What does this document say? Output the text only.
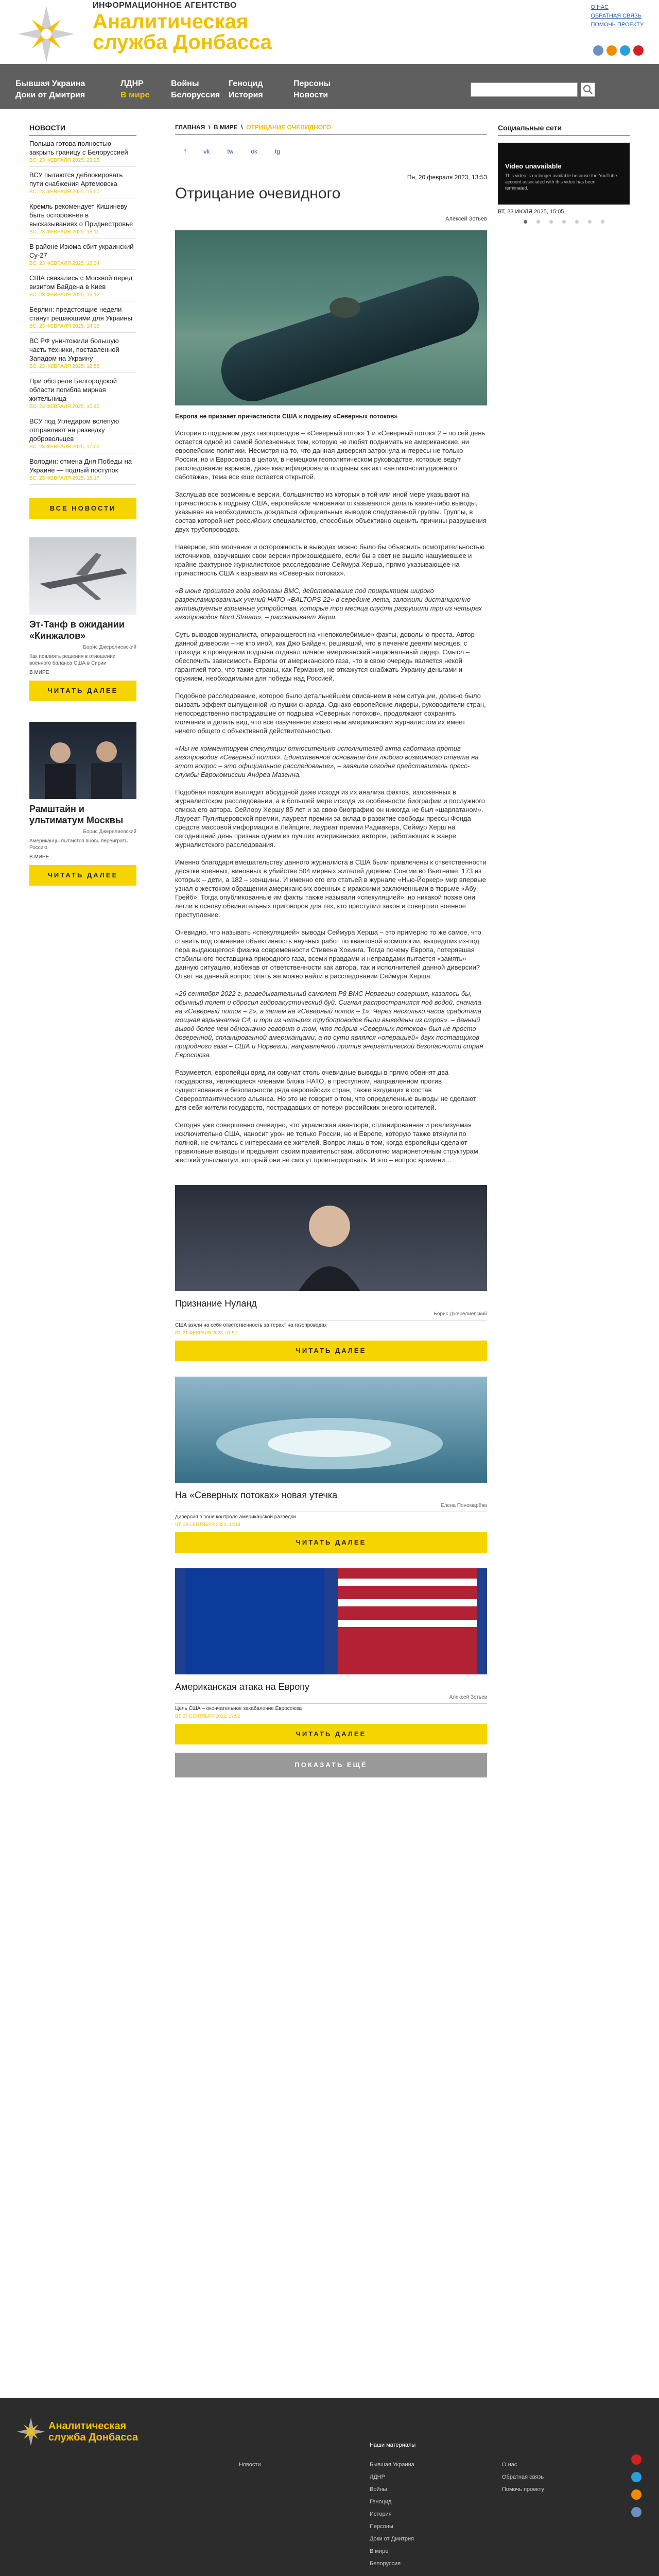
ИНФОРМАЦИОННОЕ АГЕНТСТВО
Аналитическая
служба Донбасса
О НАС
ОБРАТНАЯ СВЯЗЬ
ПОМОЧЬ ПРОЕКТУ
Бывшая Украина
Доки от Дмитрия
ЛДНР
В мире
Войны
Белоруссия
Геноцид
История
Персоны
Новости
НОВОСТИ
Польша готова полностью закрыть границу с Белоруссией
ВС, 23 ФЕВРАЛЯ 2025, 23:25
ВСУ пытаются деблокировать пути снабжения Артемовска
ВС, 23 ФЕВРАЛЯ 2025, 19:50
Кремль рекомендует Кишиневу быть осторожнее в высказываниях о Приднестровье
ВС, 23 ФЕВРАЛЯ 2025, 18:11
В районе Изюма сбит украинский Су-27
ВС, 23 ФЕВРАЛЯ 2025, 16:34
США связались с Москвой перед визитом Байдена в Киев
ВС, 23 ФЕВРАЛЯ 2025, 15:12
Берлин: предстоящие недели станут решающими для Украины
ВС, 23 ФЕВРАЛЯ 2025, 14:25
ВС РФ уничтожили большую часть техники, поставленной Западом на Украину
ВС, 23 ФЕВРАЛЯ 2025, 12:58
При обстреле Белгородской области погибла мирная жительница
ВС, 23 ФЕВРАЛЯ 2025, 10:45
ВСУ под Угледаром вслепую отправляют на разведку добровольцев
ВС, 23 ФЕВРАЛЯ 2025, 17:02
Володин: отмена Дня Победы на Украине — подлый поступок
ВС, 23 ФЕВРАЛЯ 2025, 15:17
ВСЕ НОВОСТИ
Эт-Танф в ожидании «Кинжалов»
Борис Джерелиевский
Как повлиять решения в отношении военного баланса США в Сирии
В МИРЕ
ЧИТАТЬ ДАЛЕЕ
Рамштайн и ультиматум Москвы
Борис Джерелиевский
Американцы пытаются вновь переиграть Россию
В МИРЕ
ЧИТАТЬ ДАЛЕЕ
ГЛАВНАЯ  \  В МИРЕ  \  ОТРИЦАНИЕ ОЧЕВИДНОГО
f	vk	tw	ok	tg
Пн, 20 февраля 2023, 13:53
Отрицание очевидного
Алексей Зотьев
Европа не признает причастности США к подрыву «Северных потоков»

История с подрывом двух газопроводов – «Северный поток» 1 и «Северный поток» 2 – по сей день остается одной из самой болезненных тем, которую не любят поднимать не американские, ни европейские политики. Несмотря на то, что данная диверсия затронула интересы не только России, но и Евросоюза в целом, в немецком геополитическом руководстве, которые ведут расследование взрывов, даже квалифицировала подрывы как акт «антиконституционного саботажа», тема все еще остается открытой.

Заслушав все возможные версии, большинство из которых в той или иной мере указывают на причастность к подрыву США, европейские чиновники отказываются делать какие-либо выводы, указывая на необходимость дождаться официальных выводов следственной группы. Группы, в состав которой нет российских специалистов, способных объективно оценить причины разрушения двух трубопроводов.

Наверное, это молчание и осторожность в выводах можно было бы объяснить осмотрительностью источников, озвучивших свои версии произошедшего, если бы в свет не вышло нашумевшее и крайне фактурное журналистское расследование Сеймура Херша, прямо указывающее на причастность США к взрывам на «Северных потоках».

«В июне прошлого года водолазы ВМС, действовавшие под прикрытием широко разрекламированных учений НАТО «BALTOPS 22» в середине лета, заложили дистанционно активируемые взрывные устройства, которые три месяца спустя разрушили три из четырех газопроводов Nord Stream», – рассказывает Херш.

Суть выводов журналиста, опирающегося на «непоколебимые» факты, довольно проста. Автор данной диверсии – не кто иной, как Джо Байден, решивший, что в печение девяти месяцев, с прихода в проведении подрыва отдавал личное американский национальный лидер. Смысл – обеспечить зависимость Европы от американского газа, что в свою очередь является некой гарантией того, что такие страны, как Германия, не откажутся снабжать Украину деньгами и оружием, необходимыми для победы над Россией.

Подобное расследование, которое было детальнейшем описанием в нем ситуации, должно было вызвать эффект выпущенной из пушки снаряда. Однако европейские лидеры, руководители стран, непосредственно пострадавшие от подрыва «Северных потоков», продолжают сохранять молчание и делать вид, что все озвученное известным американским журналистом их имеет ничего общего с объективной действительностью.

«Мы не комментируем спекуляции относительно исполнителей акта саботажа против газопроводов «Северный поток». Единственное основание для любого возможного ответа на этот вопрос – это официальное расследование», – заявила сегодня представитель пресс-службы Еврокомиссии Андреа Мазенна.

Подобная позиция выглядит абсурдной даже исходя из их анализа фактов, изложенных в журналистском расследовании, а в большей мере исходя из особенности биографии и послужного списка его автора. Сейлору Хершу 85 лет и за свою биографию он никогда не был «шарлатаном». Лауреат Пулитцеровской премии, лауреат премии за вклад в развитие свободы прессы Фонда средств массовой информации в Лейпциге, лауреат премии Радмакера, Сеймур Херш на сегодняшний день признан одним из лучших американских авторов, работающих в жанре журналистского расследования.

Именно благодаря вмешательству данного журналиста в США были привлечены к ответственности десятки военных, виновных в убийстве 504 мирных жителей деревни Сонгми во Вьетнаме, 173 из которых – дети, а 182 – женщины. И именно его его статьей в журнале «Нью-Йоркер» мир впервые узнал о жестоком обращении американских военных с иракскими заключенными в тюрьме «Абу-Грейб». Тогда опубликованные им факты также называли «спекуляцией», но никакой позже они легли в основу обвинительных приговоров для тех, кто преступил закон и совершил военное преступление.

Очевидно, что называть «спекуляцией» выводы Сеймура Херша – это примерно то же самое, что ставить под сомнение объективность научных работ по квантовой космологии, вышедших из-под пера выдающегося физика современности Стивена Хокинга. Тогда почему Европа, потерявшая стабильного поставщика природного газа, всеми правдами и неправдами пытается «замять» данную ситуацию, избежав от ответственности как автора, так и исполнителей данной диверсии? Ответ на данный вопрос опять же можно найти в расследовании Сеймура Херша.

«26 сентября 2022 г. разведывательный самолет P8 ВМС Норвегии совершил, казалось бы, обычный полет и сбросил гидроакустический буй. Сигнал распространился под водой, сначала на «Северный поток – 2», а затем на «Северный поток – 1». Через несколько часов сработала мощная взрывчатка C4, и три из четырех трубопроводов были выведены из строя». – данный вывод более чем однозначно говорит о том, что подрыв «Северных потоков» был не просто доверенной, спланированной американцами, а по сути являлся «операцией» двух поставщиков природного газа – США и Норвегии, направленной против энергетической безопасности стран Евросоюза.

Разумеется, европейцы вряд ли озвучат столь очевидные выводы в прямо обвинят два государства, являющиеся членами блока НАТО, в преступном, направленном против существования и безопасности ряда европейских стран, также входящих в состав Североатлантического альянса. Но это не говорит о том, что определенные выводы не сделают для себя жители государств, пострадавших от потери российских энергоносителей.

Сегодня уже совершенно очевидно, что украинская авантюра, спланированная и реализуемая исключительно США, наносит урон не только России, но и Европе, которую также втянули по полной, не считаясь с интересами ее жителей. Вопрос лишь в том, когда европейцы сделают правильные выводы и предъявят своим правительствам, абсолютно марионеточным структурам, жесткий ультиматум, который они не смогут проигнорировать. И это – вопрос времени…

Признание Нуланд
Борис Джерелиевский
США взяли на себя ответственность за теракт на газопроводах
ВТ, 21 ФЕВРАЛЯ 2023, 01:52
ЧИТАТЬ ДАЛЕЕ
На «Северных потоках» новая утечка
Елена Пономарёва
Диверсия в зоне контроля американской разведки
ЧТ, 29 СЕНТЯБРЯ 2022, 14:14
ЧИТАТЬ ДАЛЕЕ
Американская атака на Европу
Алексей Зотьев
Цель США – окончательное закабаление Евросоюза
ВТ, 27 СЕНТЯБРЯ 2022, 17:52
ЧИТАТЬ ДАЛЕЕ
ПОКАЗАТЬ ЕЩЁ
Социальные сети
Video unavailable
This video is no longer available because the YouTube account associated with this video has been terminated.
ВТ, 23 ИЮЛЯ 2025, 15:05
Аналитическая
служба Донбасса
Новости
Наши материалы
Бывшая Украина
ЛДНР
Войны
Геноцид
История
Персоны
Доки от Дмитрия
В мире
Белоруссия
О нас
Обратная связь
Помочь проекту
